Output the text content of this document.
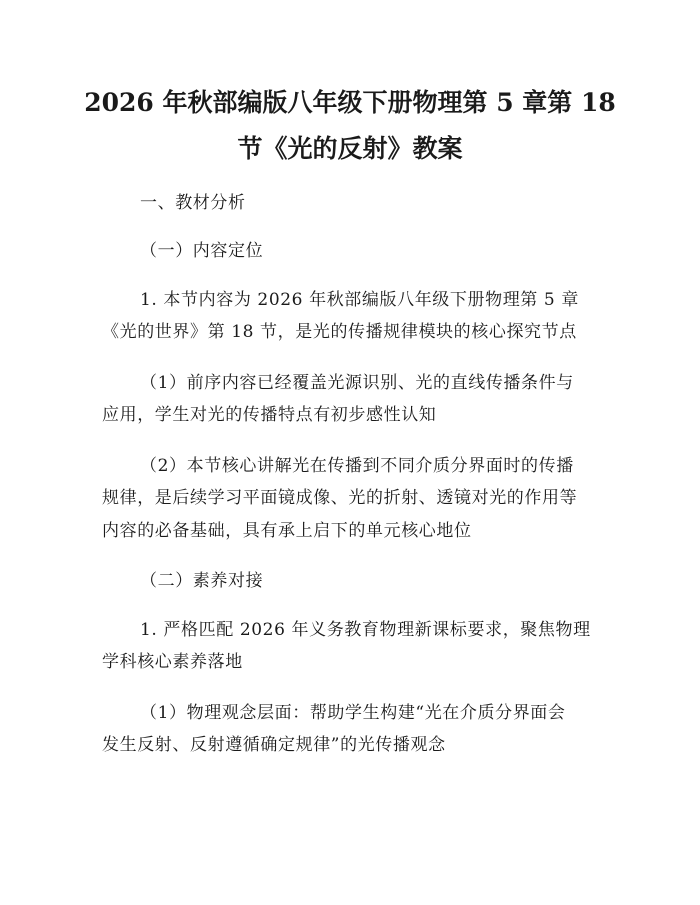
2026 年秋部编版八年级下册物理第 5 章第 18
节《光的反射》教案
一、教材分析
（一）内容定位
1. 本节内容为 2026 年秋部编版八年级下册物理第 5 章
《光的世界》第 18 节，是光的传播规律模块的核心探究节点
（1）前序内容已经覆盖光源识别、光的直线传播条件与
应用，学生对光的传播特点有初步感性认知
（2）本节核心讲解光在传播到不同介质分界面时的传播
规律，是后续学习平面镜成像、光的折射、透镜对光的作用等
内容的必备基础，具有承上启下的单元核心地位
（二）素养对接
1. 严格匹配 2026 年义务教育物理新课标要求，聚焦物理
学科核心素养落地
（1）物理观念层面：帮助学生构建“光在介质分界面会
发生反射、反射遵循确定规律”的光传播观念
